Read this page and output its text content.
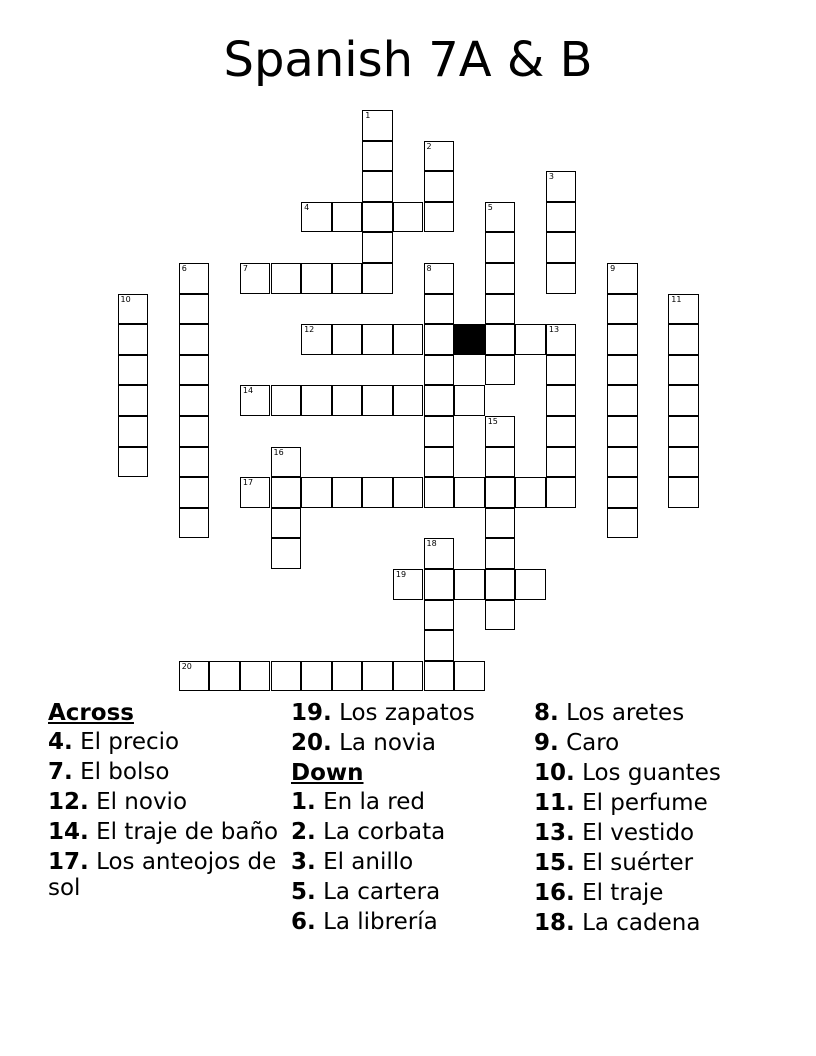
Spanish 7A & B
1
2
3
4	5
6	7	8	9
10	11
12	13
14
15
16
17
18
19
20
Across
4. El precio
7. El bolso
12. El novio
14. El traje de baño
17. Los anteojos de sol
19. Los zapatos
20. La novia
Down
1. En la red
2. La corbata
3. El anillo
5. La cartera
6. La librería
8. Los aretes
9. Caro
10. Los guantes
11. El perfume
13. El vestido
15. El suérter
16. El traje
18. La cadena
